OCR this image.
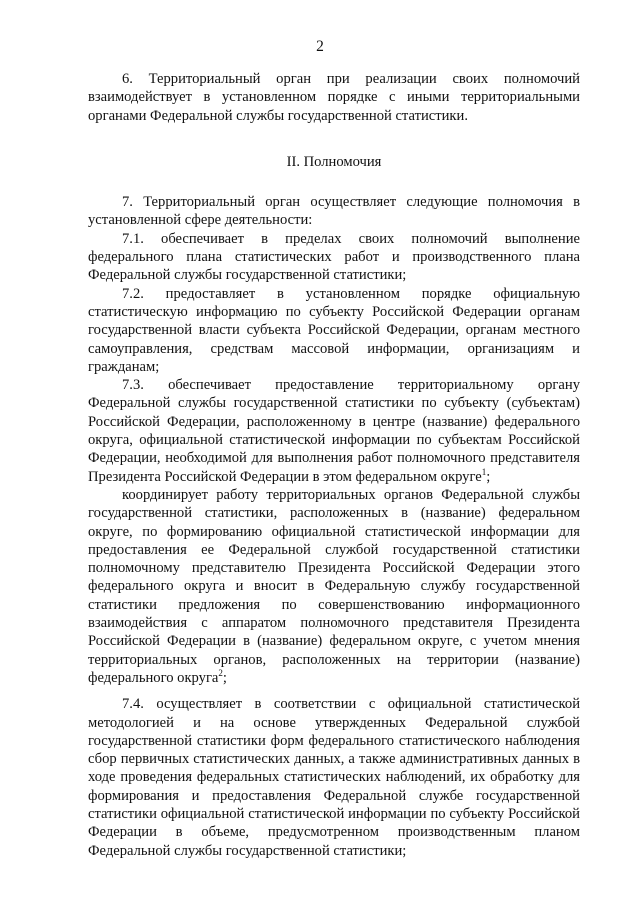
2

6. Территориальный орган при реализации своих полномочий взаимодействует в установленном порядке с иными территориальными органами Федеральной службы государственной статистики.

II. Полномочия

7. Территориальный орган осуществляет следующие полномочия в установленной сфере деятельности:

7.1. обеспечивает в пределах своих полномочий выполнение федерального плана статистических работ и производственного плана Федеральной службы государственной статистики;

7.2. предоставляет в установленном порядке официальную статистическую информацию по субъекту Российской Федерации органам государственной власти субъекта Российской Федерации, органам местного самоуправления, средствам массовой информации, организациям и гражданам;

7.3. обеспечивает предоставление территориальному органу Федеральной службы государственной статистики по субъекту (субъектам) Российской Федерации, расположенному в центре (название) федерального округа, официальной статистической информации по субъектам Российской Федерации, необходимой для выполнения работ полномочного представителя Президента Российской Федерации в этом федеральном округе$^1$;

координирует работу территориальных органов Федеральной службы государственной статистики, расположенных в (название) федеральном округе, по формированию официальной статистической информации для предоставления ее Федеральной службой государственной статистики полномочному представителю Президента Российской Федерации этого федерального округа и вносит в Федеральную службу государственной статистики предложения по совершенствованию информационного взаимодействия с аппаратом полномочного представителя Президента Российской Федерации в (название) федеральном округе, с учетом мнения территориальных органов, расположенных на территории (название) федерального округа$^2$;

7.4. осуществляет в соответствии с официальной статистической методологией и на основе утвержденных Федеральной службой государственной статистики форм федерального статистического наблюдения сбор первичных статистических данных, а также административных данных в ходе проведения федеральных статистических наблюдений, их обработку для формирования и предоставления Федеральной службе государственной статистики официальной статистической информации по субъекту Российской Федерации в объеме, предусмотренном производственным планом Федеральной службы государственной статистики;
